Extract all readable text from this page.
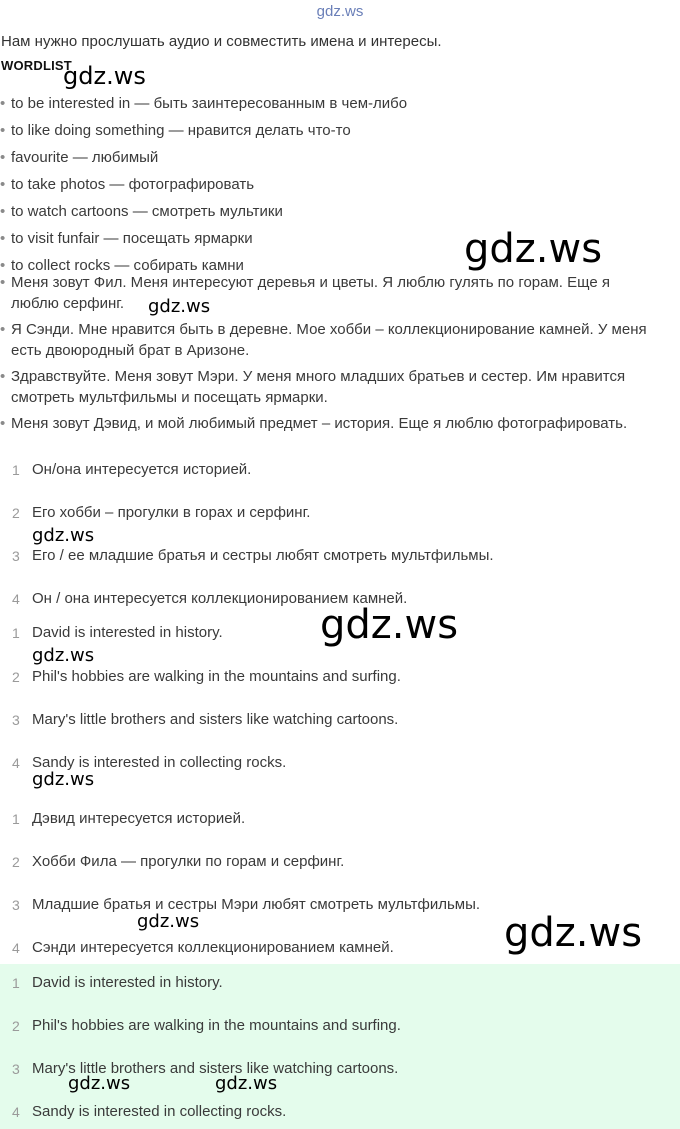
gdz.ws
Нам нужно прослушать аудио и совместить имена и интересы.
WORDLIST
• to be interested in — быть заинтересованным в чем-либо
• to like doing something — нравится делать что-то
• favourite — любимый
• to take photos — фотографировать
• to watch cartoons — смотреть мультики
• to visit funfair — посещать ярмарки
• to collect rocks — собирать камни
• Меня зовут Фил. Меня интересуют деревья и цветы. Я люблю гулять по горам. Еще я люблю серфинг.
• Я Сэнди. Мне нравится быть в деревне. Мое хобби – коллекционирование камней. У меня есть двоюродный брат в Аризоне.
• Здравствуйте. Меня зовут Мэри. У меня много младших братьев и сестер. Им нравится смотреть мультфильмы и посещать ярмарки.
• Меня зовут Дэвид, и мой любимый предмет – история. Еще я люблю фотографировать.
1 Он/она интересуется историей.
2 Его хобби – прогулки в горах и серфинг.
3 Его / ее младшие братья и сестры любят смотреть мультфильмы.
4 Он / она интересуется коллекционированием камней.
1 David is interested in history.
2 Phil's hobbies are walking in the mountains and surfing.
3 Mary's little brothers and sisters like watching cartoons.
4 Sandy is interested in collecting rocks.
1 Дэвид интересуется историей.
2 Хобби Фила — прогулки по горам и серфинг.
3 Младшие братья и сестры Мэри любят смотреть мультфильмы.
4 Сэнди интересуется коллекционированием камней.
1 David is interested in history.
2 Phil's hobbies are walking in the mountains and surfing.
3 Mary's little brothers and sisters like watching cartoons.
4 Sandy is interested in collecting rocks.
gdz.ws
gdz.ws
gdz.ws
gdz.ws
gdz.ws
gdz.ws
gdz.ws
gdz.ws	gdz.ws
gdz.ws	gdz.ws
